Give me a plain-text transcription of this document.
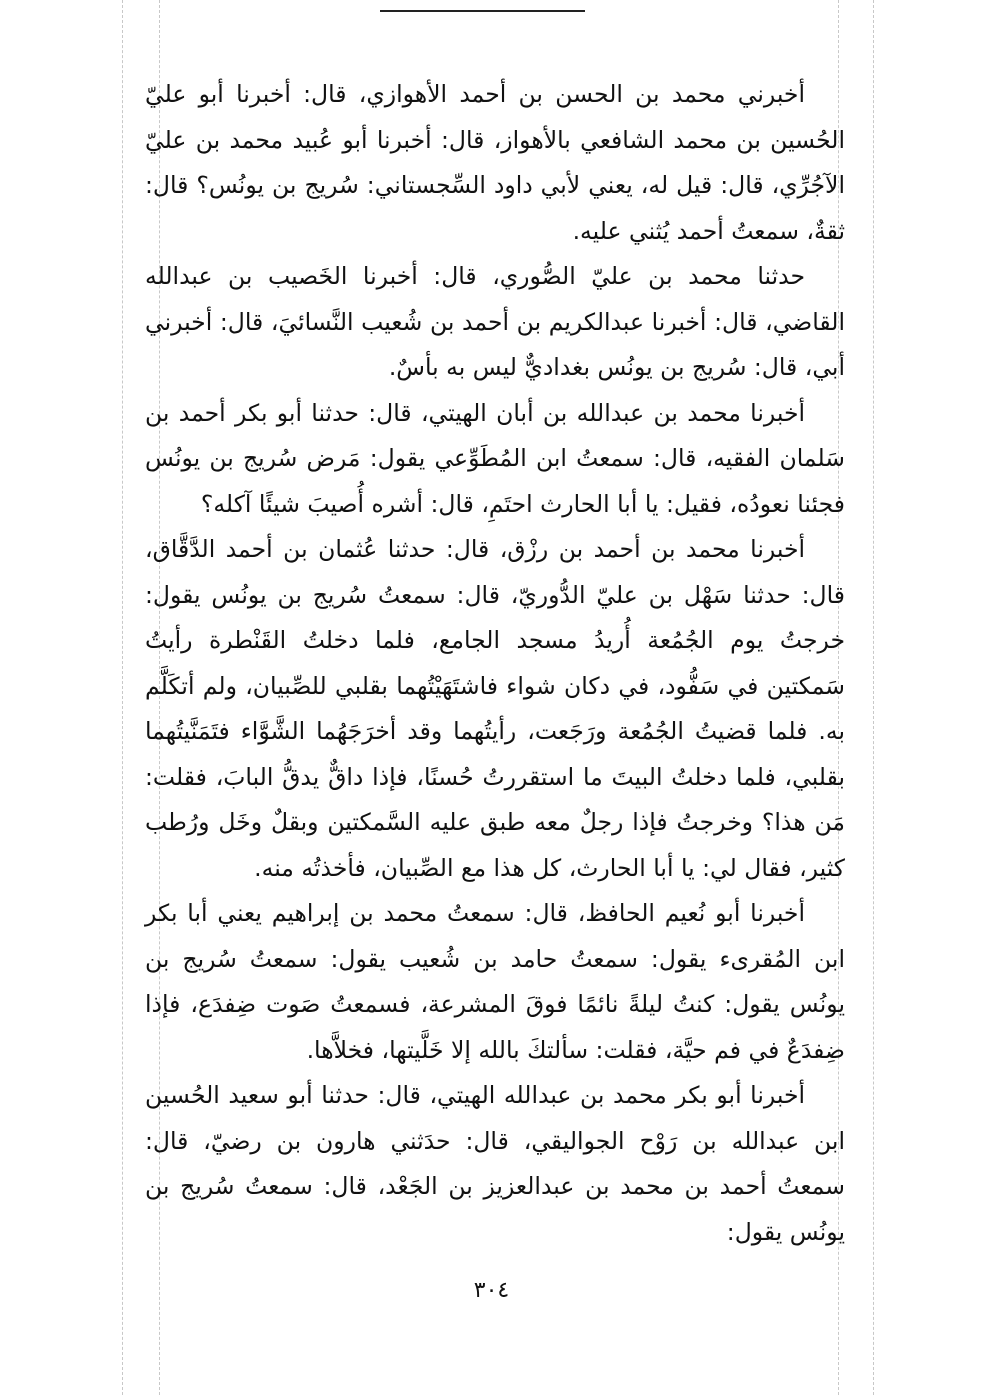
أخبرني محمد بن الحسن بن أحمد الأهوازي، قال: أخبرنا أبو عليّ الحُسين بن محمد الشافعي بالأهواز، قال: أخبرنا أبو عُبيد محمد بن عليّ الآجُرِّي، قال: قيل له، يعني لأبي داود السِّجستاني: سُريج بن يونُس؟ قال: ثقةٌ، سمعتُ أحمد يُثني عليه.

حدثنا محمد بن عليّ الصُّوري، قال: أخبرنا الخَصيب بن عبدالله القاضي، قال: أخبرنا عبدالكريم بن أحمد بن شُعيب النَّسائيَ، قال: أخبرني أبي، قال: سُريج بن يونُس بغداديٌّ ليس به بأسٌ.

أخبرنا محمد بن عبدالله بن أبان الهيتي، قال: حدثنا أبو بكر أحمد بن سَلمان الفقيه، قال: سمعتُ ابن المُطَوِّعي يقول: مَرض سُريج بن يونُس فجئنا نعودُه، فقيل: يا أبا الحارث احتَمِ، قال: أشره أُصيبَ شيئًا آكله؟

أخبرنا محمد بن أحمد بن رزْق، قال: حدثنا عُثمان بن أحمد الدَّقَّاق، قال: حدثنا سَهْل بن عليّ الدُّوريّ، قال: سمعتُ سُريج بن يونُس يقول: خرجتُ يوم الجُمُعة أُريدُ مسجد الجامع، فلما دخلتُ القَنْطرة رأيتُ سَمكتين في سَفُّود، في دكان شواء فاشتَهَيْتُهما بقلبي للصِّبيان، ولم أتكَلَّم به. فلما قضيتُ الجُمُعة ورَجَعت، رأيتُهما وقد أخرَجَهُما الشَّوَّاء فتَمَنَّيتُهما بقلبي، فلما دخلتُ البيتَ ما استقررتُ حُسنًا، فإذا داقٌّ يدقُّ البابَ، فقلت: مَن هذا؟ وخرجتُ فإذا رجلٌ معه طبق عليه السَّمكتين وبقلٌ وخَل ورُطب كثير، فقال لي: يا أبا الحارث، كل هذا مع الصِّبيان، فأخذتُه منه.

أخبرنا أبو نُعيم الحافظ، قال: سمعتُ محمد بن إبراهيم يعني أبا بكر ابن المُقرىء يقول: سمعتُ حامد بن شُعيب يقول: سمعتُ سُريج بن يونُس يقول: كنتُ ليلةً نائمًا فوقَ المشرعة، فسمعتُ صَوت ضِفدَع، فإذا ضِفدَعٌ في فم حيَّة، فقلت: سألتكَ بالله إلا خَلَّيتها، فخلاَّها.

أخبرنا أبو بكر محمد بن عبدالله الهيتي، قال: حدثنا أبو سعيد الحُسين ابن عبدالله بن رَوْح الجواليقي، قال: حدَثني هارون بن رضيّ، قال: سمعتُ أحمد بن محمد بن عبدالعزيز بن الجَعْد، قال: سمعتُ سُريج بن يونُس يقول:

٣٠٤
